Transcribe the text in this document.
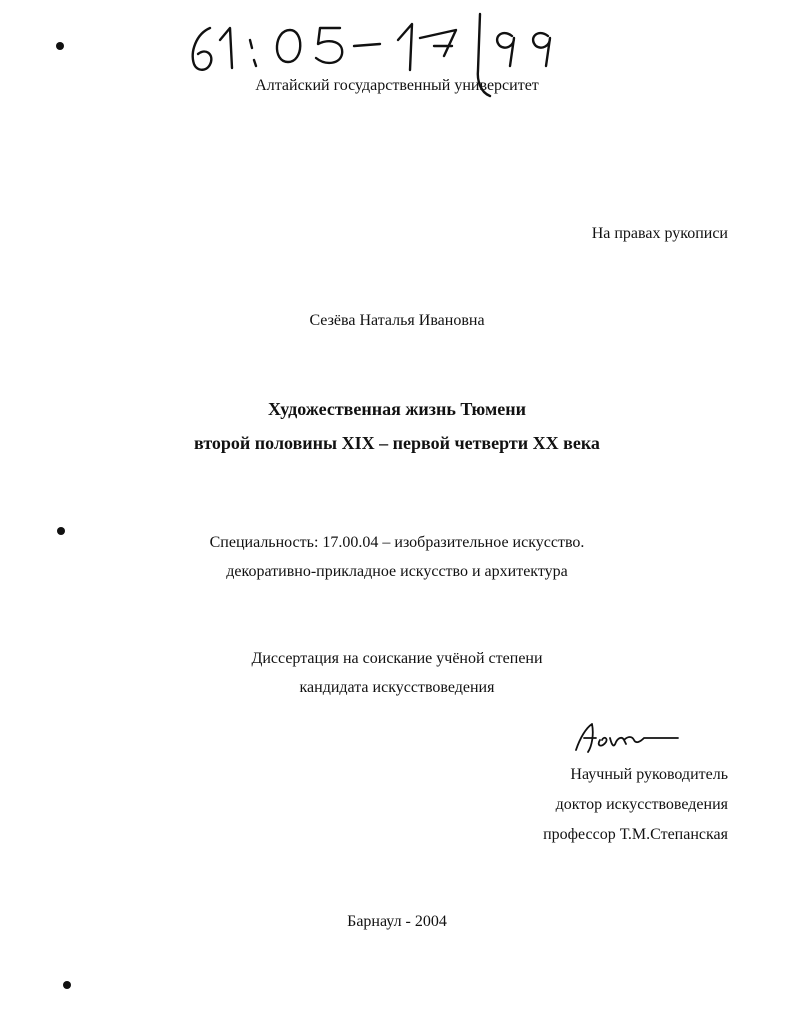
Алтайский государственный университет
На правах рукописи
Сезёва Наталья Ивановна
Художественная жизнь Тюмени
второй половины XIX – первой четверти XX века
Специальность: 17.00.04 – изобразительное искусство.
декоративно-прикладное искусство и архитектура
Диссертация на соискание учёной степени
кандидата искусствоведения
Научный руководитель
доктор искусствоведения
профессор Т.М.Степанская
Барнаул - 2004
